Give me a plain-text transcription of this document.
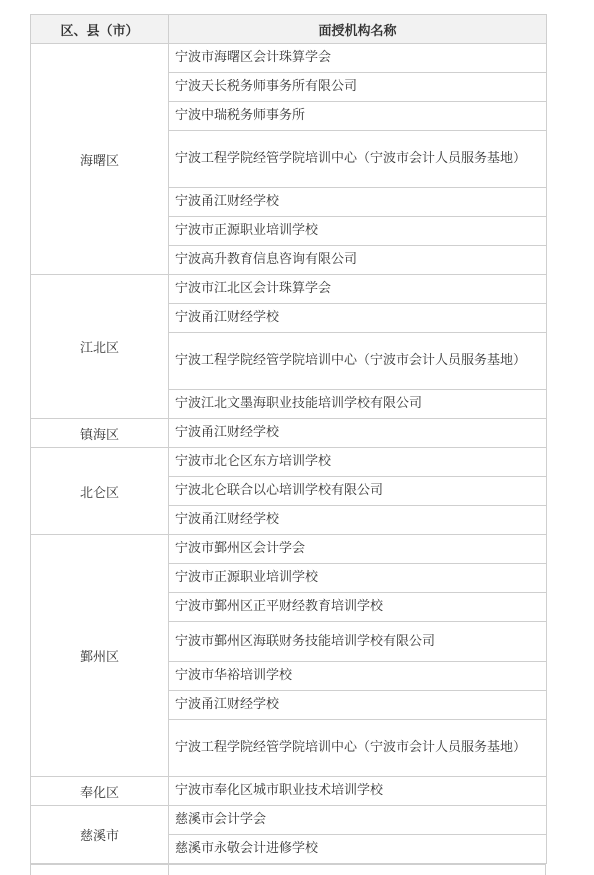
区、县（市）	面授机构名称
海曙区	宁波市海曙区会计珠算学会
	宁波天长税务师事务所有限公司
	宁波中瑞税务师事务所
	宁波工程学院经管学院培训中心（宁波市会计人员服务基地）
	宁波甬江财经学校
	宁波市正源职业培训学校
	宁波高升教育信息咨询有限公司
江北区	宁波市江北区会计珠算学会
	宁波甬江财经学校
	宁波工程学院经管学院培训中心（宁波市会计人员服务基地）
	宁波江北文墨海职业技能培训学校有限公司
镇海区	宁波甬江财经学校
北仑区	宁波市北仑区东方培训学校
	宁波北仑联合以心培训学校有限公司
	宁波甬江财经学校
鄞州区	宁波市鄞州区会计学会
	宁波市正源职业培训学校
	宁波市鄞州区正平财经教育培训学校
	宁波市鄞州区海联财务技能培训学校有限公司
	宁波市华裕培训学校
	宁波甬江财经学校
	宁波工程学院经管学院培训中心（宁波市会计人员服务基地）
奉化区	宁波市奉化区城市职业技术培训学校
慈溪市	慈溪市会计学会
	慈溪市永敬会计进修学校
